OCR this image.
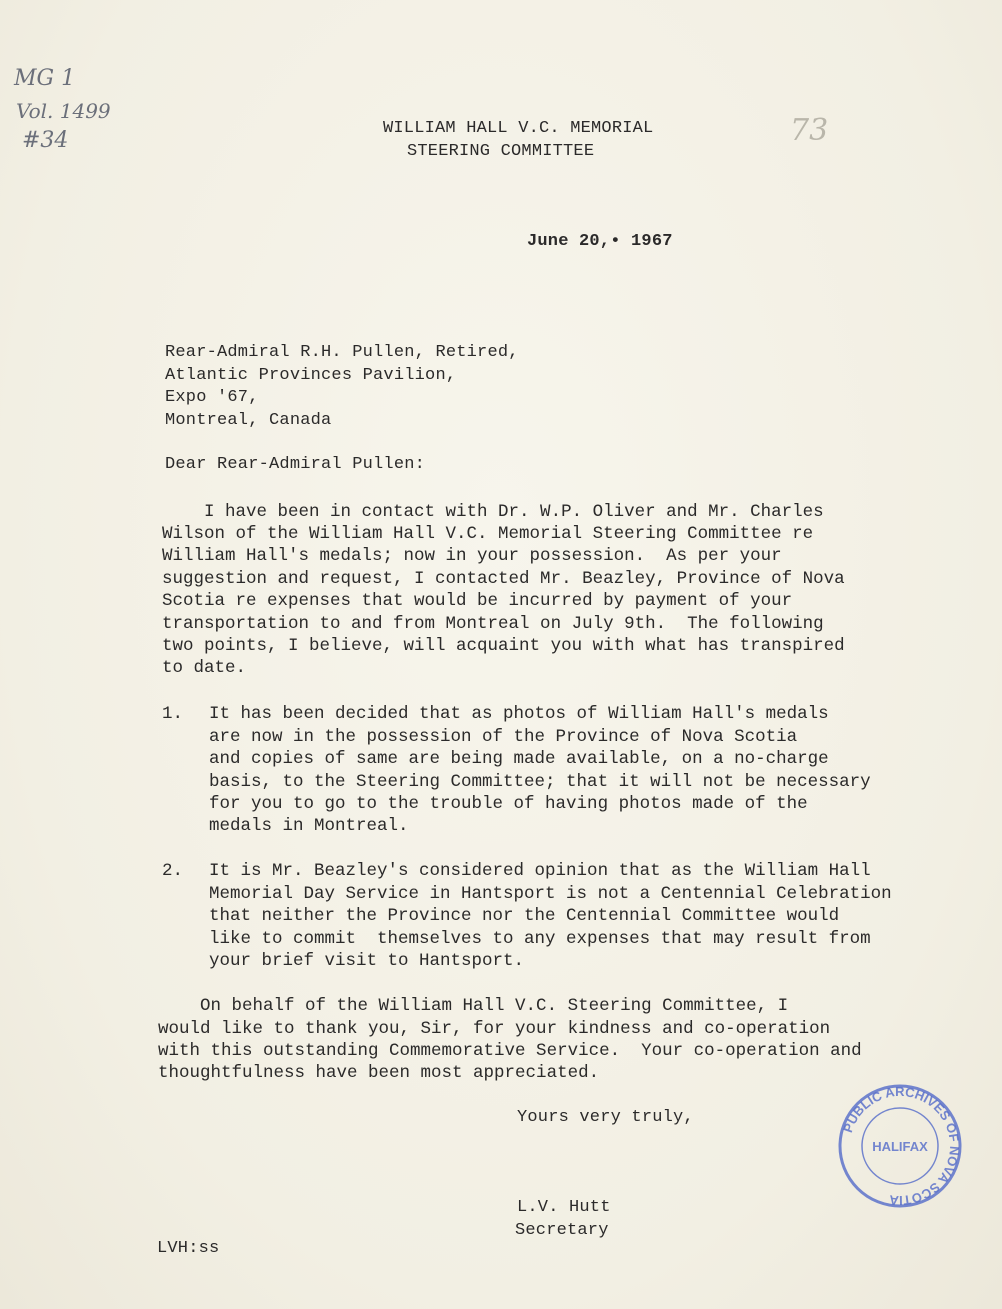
MG 1
Vol. 1499
#34	73
WILLIAM HALL V.C. MEMORIAL
STEERING COMMITTEE
June 20,• 1967
Rear-Admiral R.H. Pullen, Retired,
Atlantic Provinces Pavilion,
Expo '67,
Montreal, Canada
Dear Rear-Admiral Pullen:
I have been in contact with Dr. W.P. Oliver and Mr. Charles
Wilson of the William Hall V.C. Memorial Steering Committee re
William Hall's medals; now in your possession.  As per your
suggestion and request, I contacted Mr. Beazley, Province of Nova
Scotia re expenses that would be incurred by payment of your
transportation to and from Montreal on July 9th.  The following
two points, I believe, will acquaint you with what has transpired
to date.
1. It has been decided that as photos of William Hall's medals
are now in the possession of the Province of Nova Scotia
and copies of same are being made available, on a no-charge
basis, to the Steering Committee; that it will not be necessary
for you to go to the trouble of having photos made of the
medals in Montreal.
2. It is Mr. Beazley's considered opinion that as the William Hall
Memorial Day Service in Hantsport is not a Centennial Celebration
that neither the Province nor the Centennial Committee would
like to commit  themselves to any expenses that may result from
your brief visit to Hantsport.
On behalf of the William Hall V.C. Steering Committee, I
would like to thank you, Sir, for your kindness and co-operation
with this outstanding Commemorative Service.  Your co-operation and
thoughtfulness have been most appreciated.
Yours very truly,
PUBLIC ARCHIVES OF NOVA SCOTIA
HALIFAX
L.V. Hutt
Secretary
LVH:ss
